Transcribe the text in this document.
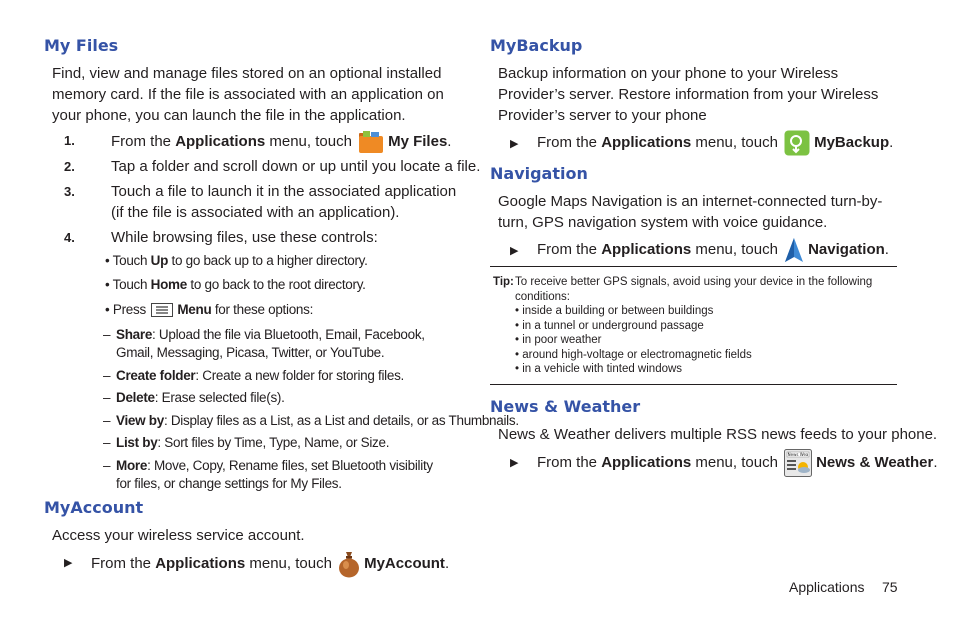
My Files

Find, view and manage files stored on an optional installed memory card. If the file is associated with an application on your phone, you can launch the file in the application.

1. From the Applications menu, touch My Files.
2. Tap a folder and scroll down or up until you locate a file.
3. Touch a file to launch it in the associated application (if the file is associated with an application).
4. While browsing files, use these controls:
• Touch Up to go back up to a higher directory.
• Touch Home to go back to the root directory.
• Press Menu for these options:
– Share: Upload the file via Bluetooth, Email, Facebook, Gmail, Messaging, Picasa, Twitter, or YouTube.
– Create folder: Create a new folder for storing files.
– Delete: Erase selected file(s).
– View by: Display files as a List, as a List and details, or as Thumbnails.
– List by: Sort files by Time, Type, Name, or Size.
– More: Move, Copy, Rename files, set Bluetooth visibility for files, or change settings for My Files.
MyAccount

Access your wireless service account.

▶ From the Applications menu, touch MyAccount.
MyBackup

Backup information on your phone to your Wireless Provider’s server. Restore information from your Wireless Provider’s server to your phone

▶ From the Applications menu, touch MyBackup.
Navigation

Google Maps Navigation is an internet-connected turn-by-turn, GPS navigation system with voice guidance.

▶ From the Applications menu, touch Navigation.
News & Weather

News & Weather delivers multiple RSS news feeds to your phone.

▶ From the Applications menu, touch News Wea News & Weather.
Tip: To receive better GPS signals, avoid using your device in the following
conditions:
• inside a building or between buildings
• in a tunnel or underground passage
• in poor weather
• around high-voltage or electromagnetic fields
• in a vehicle with tinted windows
Applications 75
